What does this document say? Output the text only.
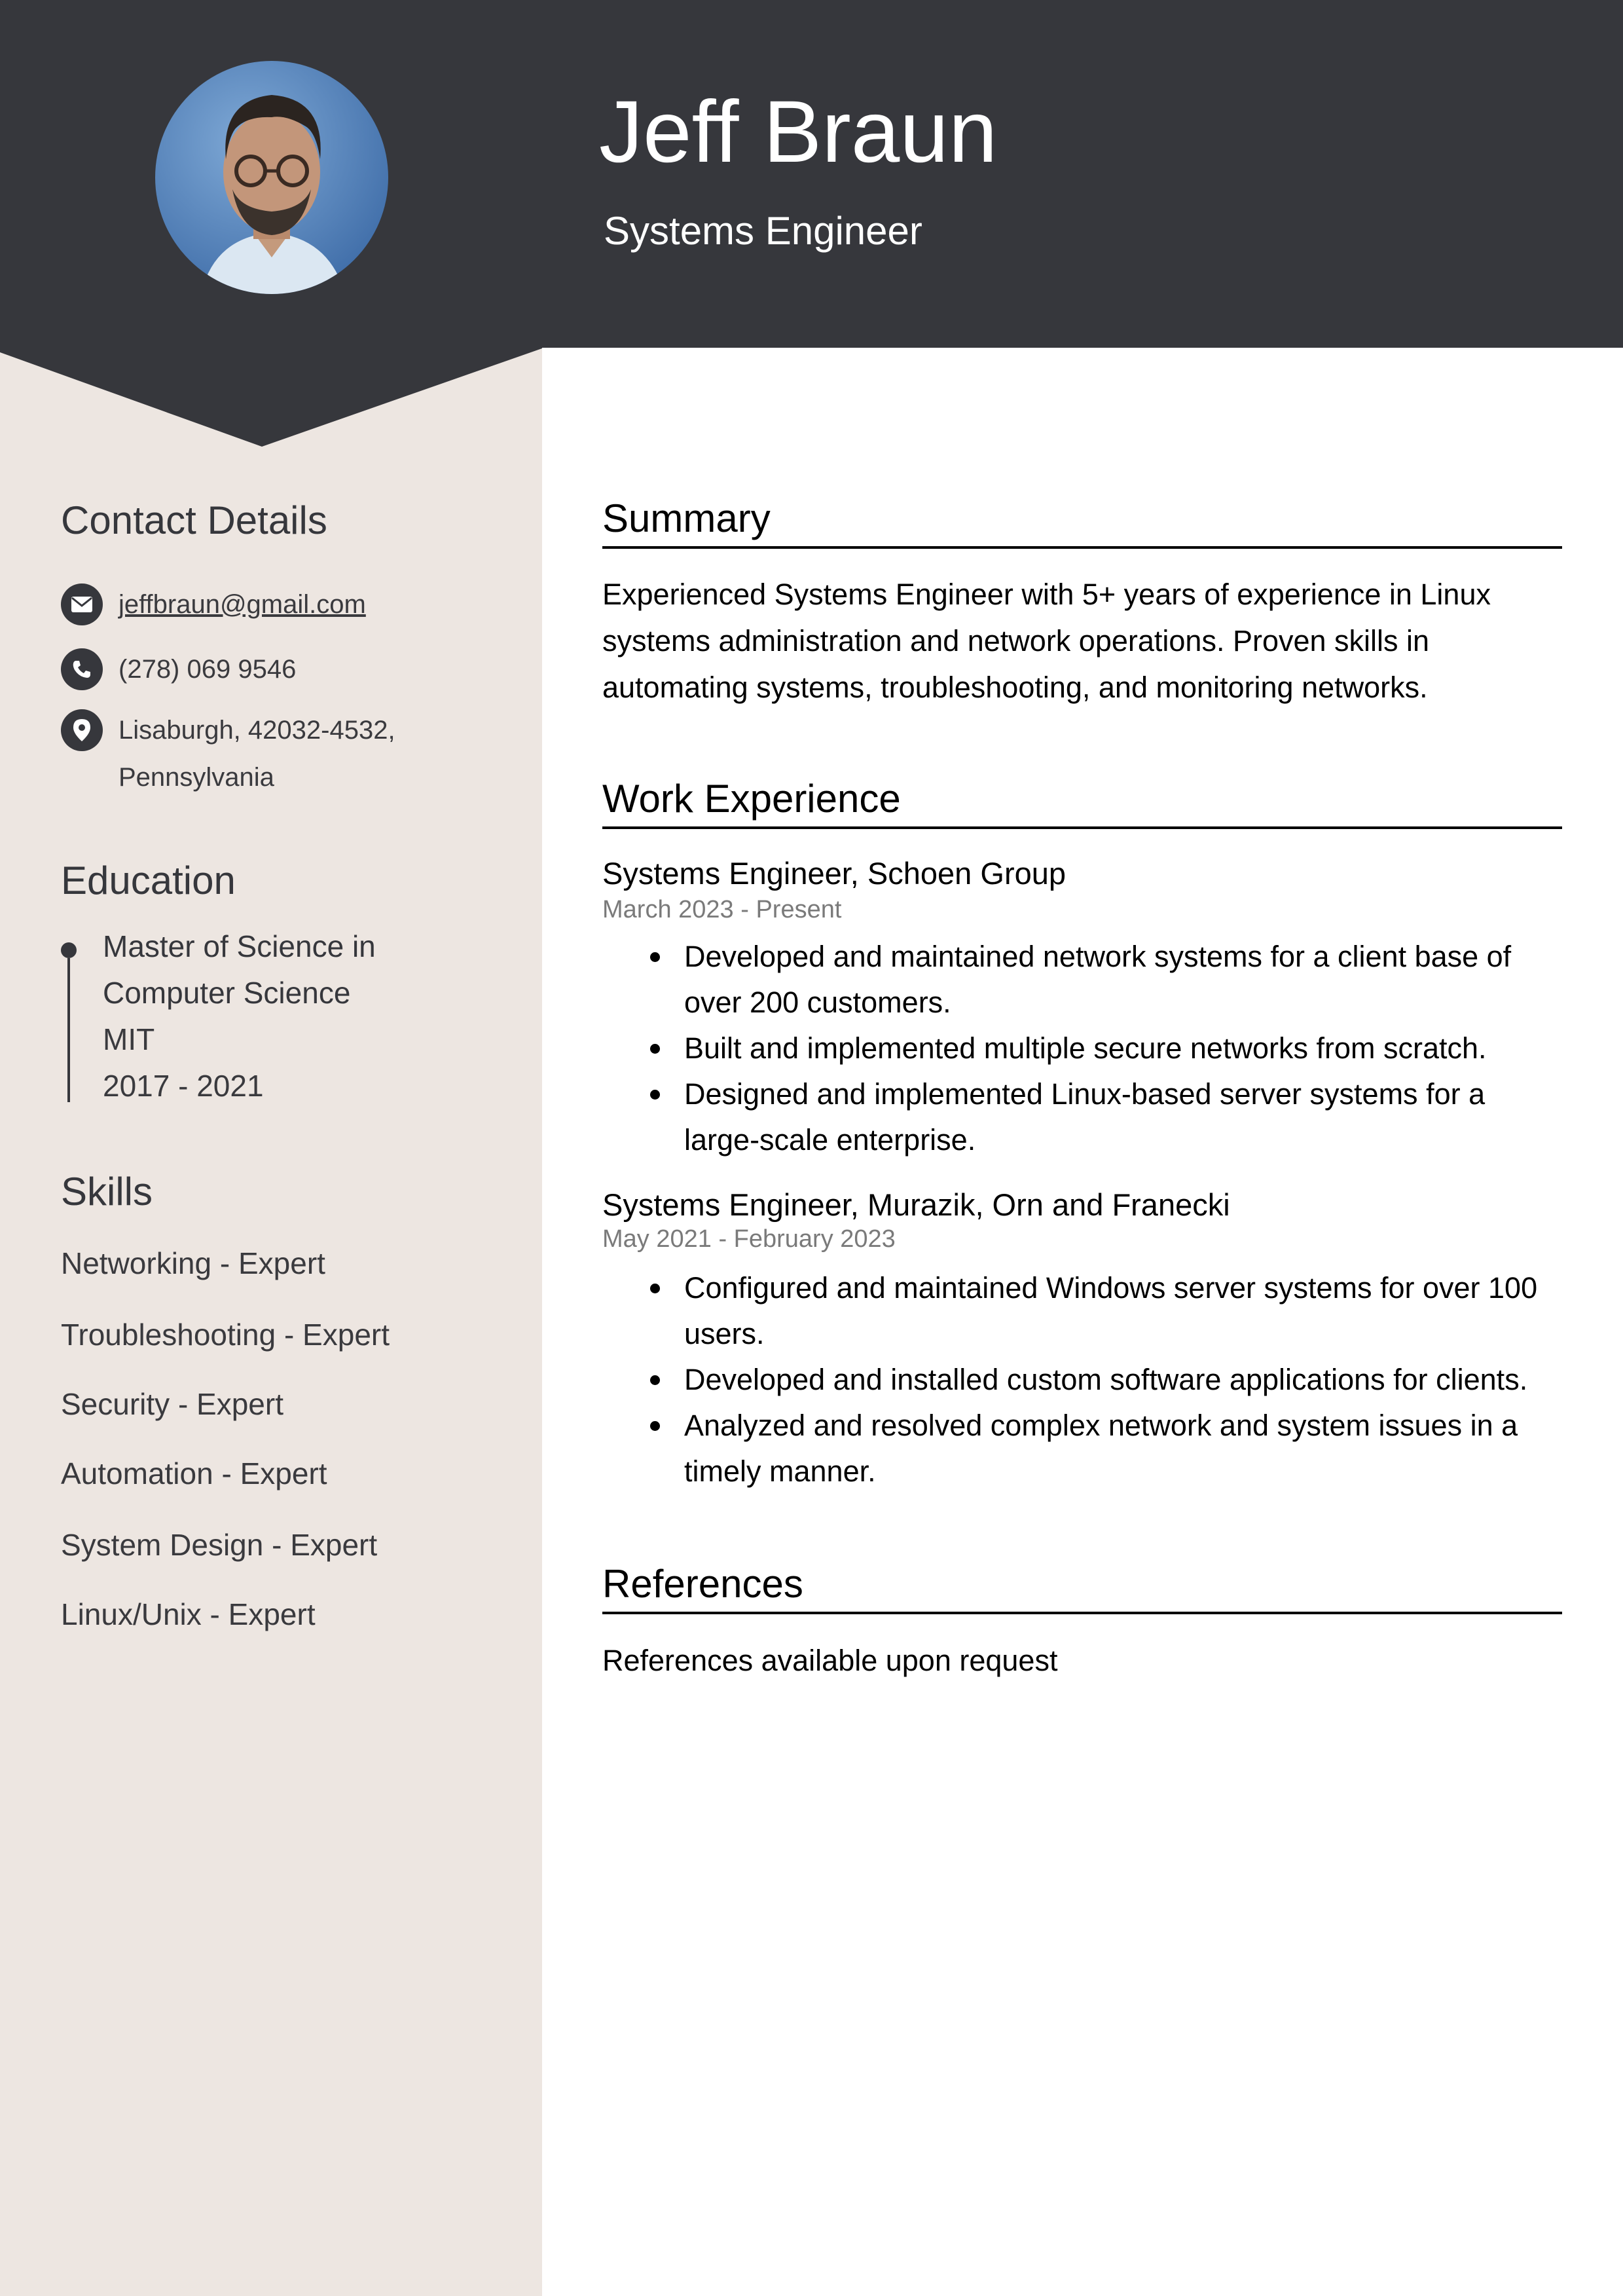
Jeff Braun
Systems Engineer
Contact Details
jeffbraun@gmail.com
(278) 069 9546
Lisaburgh, 42032-4532,
Pennsylvania
Education
Master of Science in
Computer Science
MIT
2017 - 2021
Skills
Networking - Expert
Troubleshooting - Expert
Security - Expert
Automation - Expert
System Design - Expert
Linux/Unix - Expert
Summary
Experienced Systems Engineer with 5+ years of experience in Linux systems administration and network operations. Proven skills in automating systems, troubleshooting, and monitoring networks.
Work Experience
Systems Engineer, Schoen Group
March 2023 - Present
Developed and maintained network systems for a client base of over 200 customers.
Built and implemented multiple secure networks from scratch.
Designed and implemented Linux-based server systems for a large-scale enterprise.
Systems Engineer, Murazik, Orn and Franecki
May 2021 - February 2023
Configured and maintained Windows server systems for over 100 users.
Developed and installed custom software applications for clients.
Analyzed and resolved complex network and system issues in a timely manner.
References
References available upon request
